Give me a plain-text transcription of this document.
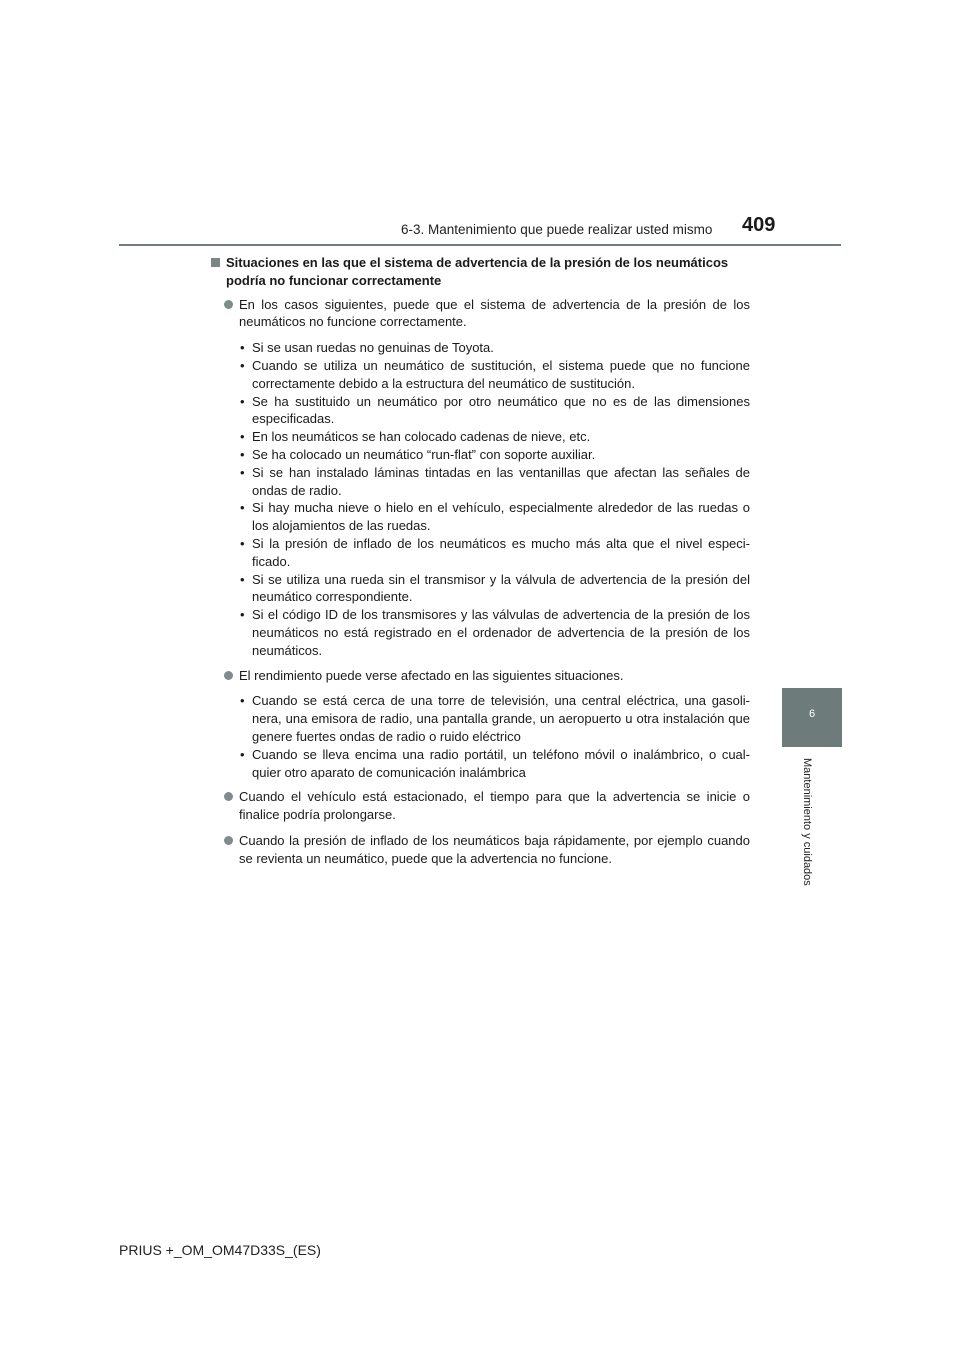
6-3. Mantenimiento que puede realizar usted mismo 409
6
Mantenimiento y cuidados
Situaciones en las que el sistema de advertencia de la presión de los neumáticos podría no funcionar correctamente
En los casos siguientes, puede que el sistema de advertencia de la presión de los neumáticos no funcione correctamente.
• Si se usan ruedas no genuinas de Toyota.
• Cuando se utiliza un neumático de sustitución, el sistema puede que no funcione correctamente debido a la estructura del neumático de sustitución.
• Se ha sustituido un neumático por otro neumático que no es de las dimensiones especificadas.
• En los neumáticos se han colocado cadenas de nieve, etc.
• Se ha colocado un neumático “run-flat” con soporte auxiliar.
• Si se han instalado láminas tintadas en las ventanillas que afectan las señales de ondas de radio.
• Si hay mucha nieve o hielo en el vehículo, especialmente alrededor de las ruedas o los alojamientos de las ruedas.
• Si la presión de inflado de los neumáticos es mucho más alta que el nivel especi-ficado.
• Si se utiliza una rueda sin el transmisor y la válvula de advertencia de la presión del neumático correspondiente.
• Si el código ID de los transmisores y las válvulas de advertencia de la presión de los neumáticos no está registrado en el ordenador de advertencia de la presión de los neumáticos.
El rendimiento puede verse afectado en las siguientes situaciones.
• Cuando se está cerca de una torre de televisión, una central eléctrica, una gasoli-nera, una emisora de radio, una pantalla grande, un aeropuerto u otra instalación que genere fuertes ondas de radio o ruido eléctrico
• Cuando se lleva encima una radio portátil, un teléfono móvil o inalámbrico, o cual-quier otro aparato de comunicación inalámbrica
Cuando el vehículo está estacionado, el tiempo para que la advertencia se inicie o finalice podría prolongarse.
Cuando la presión de inflado de los neumáticos baja rápidamente, por ejemplo cuando se revienta un neumático, puede que la advertencia no funcione.
PRIUS +_OM_OM47D33S_(ES)
